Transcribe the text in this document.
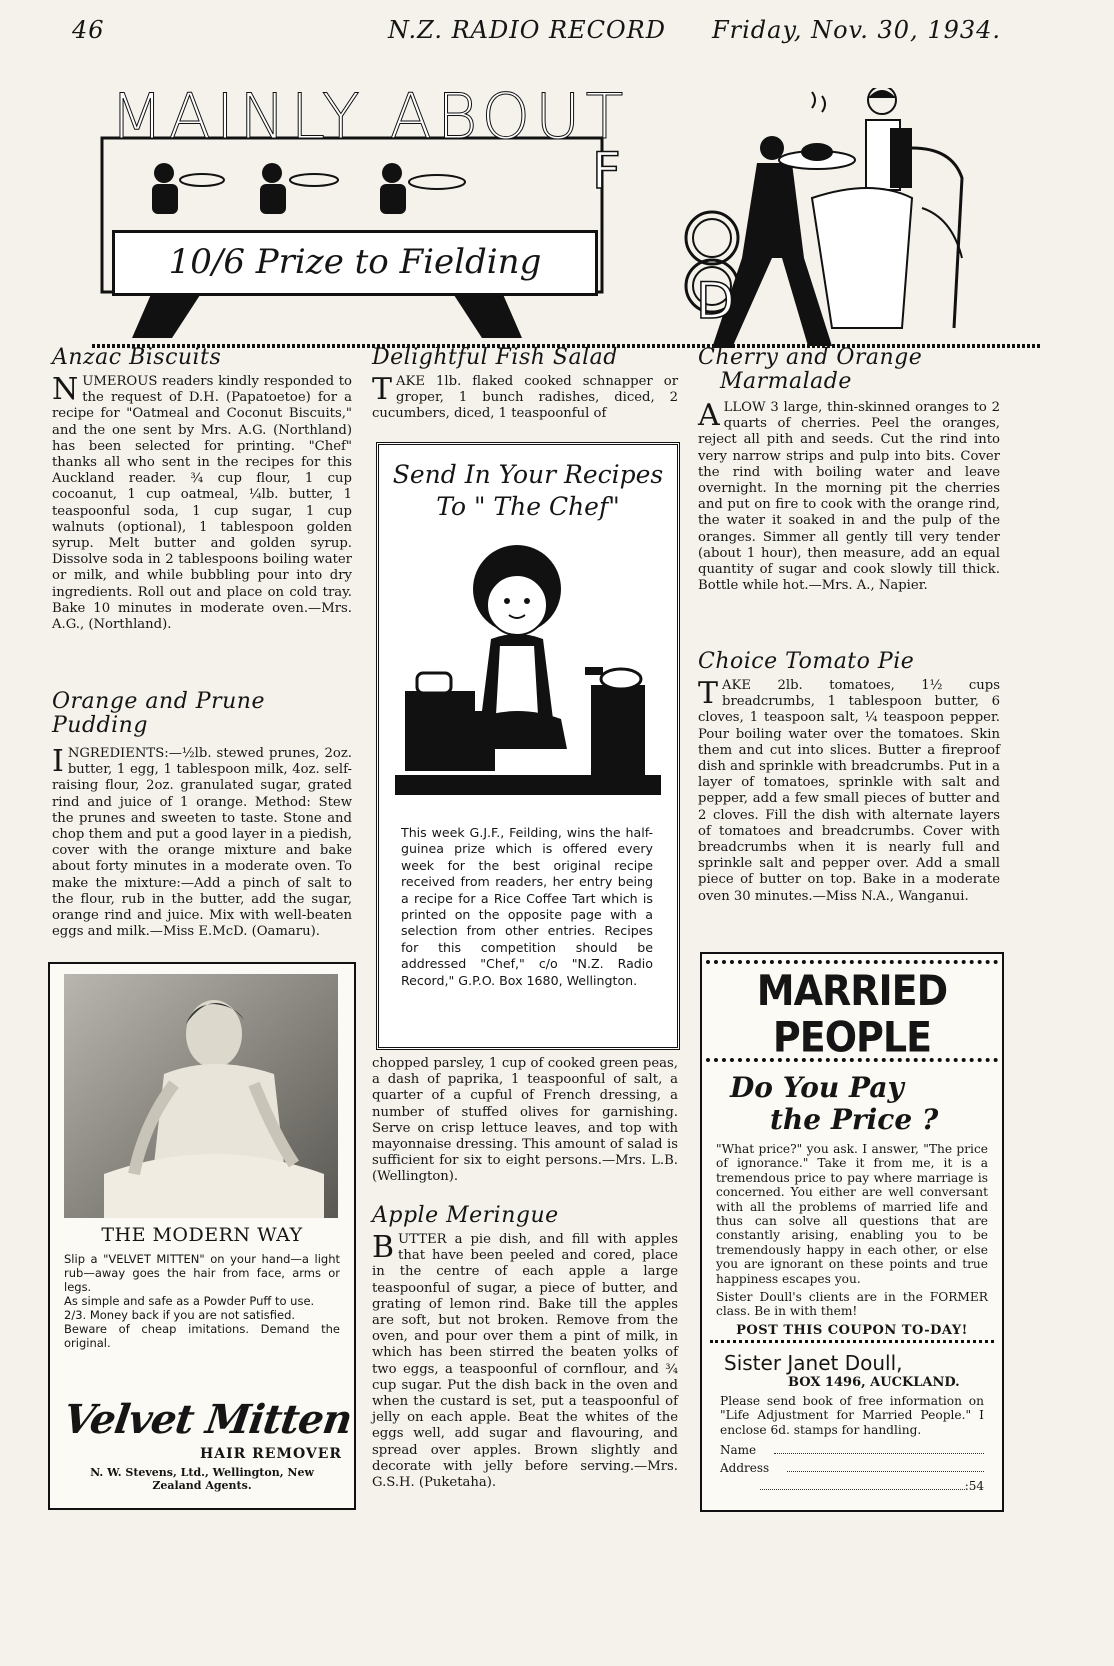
46	N.Z. RADIO RECORD Friday, Nov. 30, 1934.
MAINLY ABOUT
F
D
10/6 Prize to Fielding
Anzac Biscuits
N UMEROUS readers kindly responded to the request of D.H. (Papatoetoe) for a recipe for "Oatmeal and Coconut Biscuits," and the one sent by Mrs. A.G. (Northland) has been selected for printing. "Chef" thanks all who sent in the recipes for this Auckland reader. ¾ cup flour, 1 cup cocoanut, 1 cup oatmeal, ¼lb. butter, 1 teaspoonful soda, 1 cup sugar, 1 cup walnuts (optional), 1 tablespoon golden syrup. Melt butter and golden syrup. Dissolve soda in 2 tablespoons boiling water or milk, and while bubbling pour into dry ingredients. Roll out and place on cold tray. Bake 10 minutes in moderate oven.—Mrs. A.G., (Northland).
Orange and Prune Pudding
I NGREDIENTS:—½lb. stewed prunes, 2oz. butter, 1 egg, 1 tablespoon milk, 4oz. self-raising flour, 2oz. granulated sugar, grated rind and juice of 1 orange. Method: Stew the prunes and sweeten to taste. Stone and chop them and put a good layer in a piedish, cover with the orange mixture and bake about forty minutes in a moderate oven. To make the mixture:—Add a pinch of salt to the flour, rub in the butter, add the sugar, orange rind and juice. Mix with well-beaten eggs and milk.—Miss E.McD. (Oamaru).
THE MODERN WAY
Slip a "VELVET MITTEN" on your hand—a light rub—away goes the hair from face, arms or legs.
As simple and safe as a Powder Puff to use.
2/3. Money back if you are not satisfied.
Beware of cheap imitations. Demand the original.
Velvet Mitten
HAIR REMOVER
N. W. Stevens, Ltd., Wellington, New Zealand Agents.
Delightful Fish Salad
T AKE 1lb. flaked cooked schnapper or groper, 1 bunch radishes, diced, 2 cucumbers, diced, 1 teaspoonful of
Send In Your Recipes
To " The Chef"
This week G.J.F., Feilding, wins the half-guinea prize which is offered every week for the best original recipe received from readers, her entry being a recipe for a Rice Coffee Tart which is printed on the opposite page with a selection from other entries. Recipes for this competition should be addressed "Chef," c/o "N.Z. Radio Record," G.P.O. Box 1680, Wellington.
chopped parsley, 1 cup of cooked green peas, a dash of paprika, 1 teaspoonful of salt, a quarter of a cupful of French dressing, a number of stuffed olives for garnishing. Serve on crisp lettuce leaves, and top with mayonnaise dressing. This amount of salad is sufficient for six to eight persons.—Mrs. L.B. (Wellington).
Apple Meringue
B UTTER a pie dish, and fill with apples that have been peeled and cored, place in the centre of each apple a large teaspoonful of sugar, a piece of butter, and grating of lemon rind. Bake till the apples are soft, but not broken. Remove from the oven, and pour over them a pint of milk, in which has been stirred the beaten yolks of two eggs, a teaspoonful of cornflour, and ¾ cup sugar. Put the dish back in the oven and when the custard is set, put a teaspoonful of jelly on each apple. Beat the whites of the eggs well, add sugar and flavouring, and spread over apples. Brown slightly and decorate with jelly before serving.—Mrs. G.S.H. (Puketaha).
Cherry and Orange
Marmalade
A LLOW 3 large, thin-skinned oranges to 2 quarts of cherries. Peel the oranges, reject all pith and seeds. Cut the rind into very narrow strips and pulp into bits. Cover the rind with boiling water and leave overnight. In the morning pit the cherries and put on fire to cook with the orange rind, the water it soaked in and the pulp of the oranges. Simmer all gently till very tender (about 1 hour), then measure, add an equal quantity of sugar and cook slowly till thick. Bottle while hot.—Mrs. A., Napier.
Choice Tomato Pie
T AKE 2lb. tomatoes, 1½ cups breadcrumbs, 1 tablespoon butter, 6 cloves, 1 teaspoon salt, ¼ teaspoon pepper. Pour boiling water over the tomatoes. Skin them and cut into slices. Butter a fireproof dish and sprinkle with breadcrumbs. Put in a layer of tomatoes, sprinkle with salt and pepper, add a few small pieces of butter and 2 cloves. Fill the dish with alternate layers of tomatoes and breadcrumbs. Cover with breadcrumbs when it is nearly full and sprinkle salt and pepper over. Add a small piece of butter on top. Bake in a moderate oven 30 minutes.—Miss N.A., Wanganui.
MARRIED PEOPLE
Do You Pay
the Price ?
"What price?" you ask. I answer, "The price of ignorance." Take it from me, it is a tremendous price to pay where marriage is concerned. You either are well conversant with all the problems of married life and thus can solve all questions that are constantly arising, enabling you to be tremendously happy in each other, or else you are ignorant on these points and true happiness escapes you.
Sister Doull's clients are in the FORMER class. Be in with them!
POST THIS COUPON TO-DAY!
Sister Janet Doull,
BOX 1496, AUCKLAND.
Please send book of free information on "Life Adjustment for Married People." I enclose 6d. stamps for handling.
Name
Address
:54
